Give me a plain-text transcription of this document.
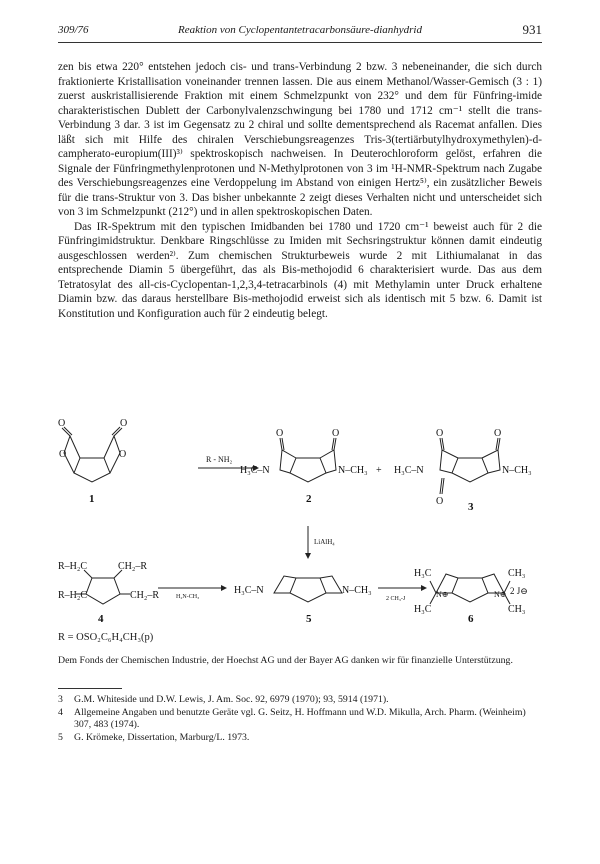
309/76	Reaktion von Cyclopentantetracarbonsäure-dianhydrid	931

zen bis etwa 220° entstehen jedoch cis- und trans-Verbindung 2 bzw. 3 nebeneinander, die sich durch fraktionierte Kristallisation voneinander trennen lassen. Die aus einem Methanol/Wasser-Gemisch (3 : 1) zuerst auskristallisierende Fraktion mit einem Schmelzpunkt von 232° und dem für Fünfring-imide charakteristischen Dublett der Carbonylvalenzschwingung bei 1780 und 1712 cm⁻¹ stellt die trans-Verbindung 3 dar. 3 ist im Gegensatz zu 2 chiral und sollte dementsprechend als Racemat anfallen. Dies läßt sich mit Hilfe des chiralen Verschiebungsreagenzes Tris-3(tertiärbutylhydroxymethylen)-d-campherato-europium(III)³⁾ spektroskopisch nachweisen. In Deuterochloroform gelöst, erfahren die Signale der Fünfringmethylenprotonen und N-Methylprotonen von 3 im ¹H-NMR-Spektrum nach Zugabe des Verschiebungsreagenzes eine Verdoppelung im Abstand von einigen Hertz⁵⁾, ein zusätzlicher Beweis für die trans-Struktur von 3. Das bisher unbekannte 2 zeigt dieses Verhalten nicht und unterscheidet sich von 3 im Schmelzpunkt (212°) und in allen spektroskopischen Daten.

Das IR-Spektrum mit den typischen Imidbanden bei 1780 und 1720 cm⁻¹ beweist auch für 2 die Fünfringimidstruktur. Denkbare Ringschlüsse zu Imiden mit Sechsringstruktur können damit eindeutig ausgeschlossen werden²⁾. Zum chemischen Strukturbeweis wurde 2 mit Lithiumalanat in das entsprechende Diamin 5 übergeführt, das als Bis-methojodid 6 charakterisiert wurde. Das aus dem Tetratosylat des all-cis-Cyclopentan-1,2,3,4-tetracarbinols (4) mit Methylamin unter Druck erhaltene Diamin bzw. das daraus herstellbare Bis-methojodid erweist sich als identisch mit 5 bzw. 6. Damit ist Konstitution und Konfiguration auch für 2 eindeutig belegt.

O	O
O	O
1
R - NH₂
O	O
H₃C–N	N–CH₃
2
+
O	O
O
H₃C–N	N–CH₃
3
LiAlH₄
R–H₂C	CH₂–R
R–H₂C	CH₂–R
4
H₂N-CH₃
H₃C–N	N–CH₃
5
2 CH₃-J
H₃C
H₃C
N⊕	N⊕
CH₃
CH₃
2 J⊖
6
R = OSO₂C₆H₄CH₃(p)
Dem Fonds der Chemischen Industrie, der Hoechst AG und der Bayer AG danken wir für finanzielle Unterstützung.
3 G.M. Whiteside und D.W. Lewis, J. Am. Soc. 92, 6979 (1970); 93, 5914 (1971).
4 Allgemeine Angaben und benutzte Geräte vgl. G. Seitz, H. Hoffmann und W.D. Mikulla, Arch. Pharm. (Weinheim) 307, 483 (1974).
5 G. Krömeke, Dissertation, Marburg/L. 1973.
